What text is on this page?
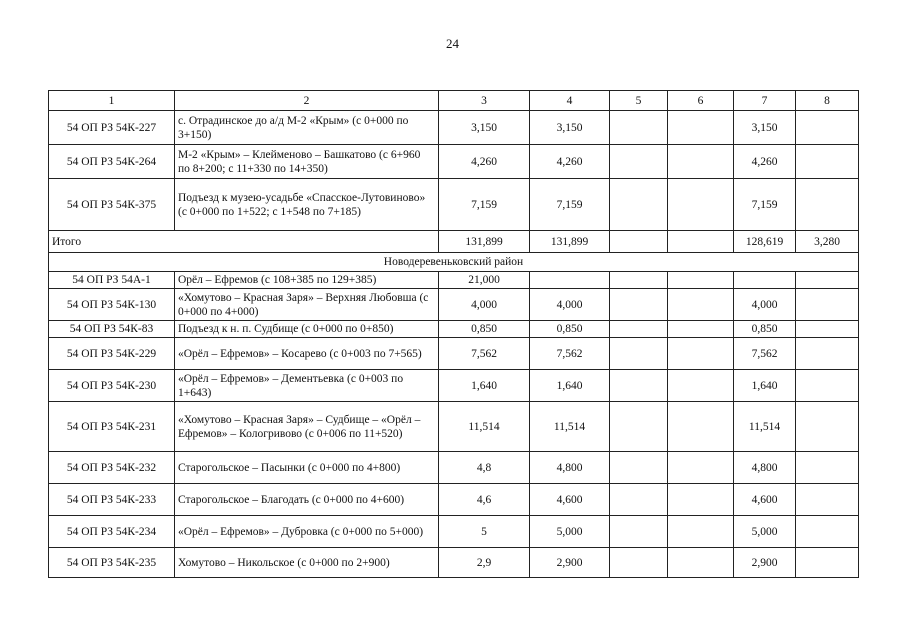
24
1	2	3	4	5	6	7	8
54 ОП РЗ 54К-227	с. Отрадинское до а/д М-2 «Крым» (с 0+000 по 3+150)	3,150	3,150			3,150	
54 ОП РЗ 54К-264	М-2 «Крым» – Клейменово – Башкатово (с 6+960 по 8+200; с 11+330 по 14+350)	4,260	4,260			4,260	
54 ОП РЗ 54К-375	Подъезд к музею-усадьбе «Спасское-Лутовиново» (с 0+000 по 1+522; с 1+548 по 7+185)	7,159	7,159			7,159	
Итого		131,899	131,899			128,619	3,280
Новодеревеньковский район							
54 ОП РЗ 54А-1	Орёл – Ефремов (с 108+385 по 129+385)	21,000					
54 ОП РЗ 54К-130	«Хомутово – Красная Заря» – Верхняя Любовша (с 0+000 по 4+000)	4,000	4,000			4,000	
54 ОП РЗ 54К-83	Подъезд к н. п. Судбище (с 0+000 по 0+850)	0,850	0,850			0,850	
54 ОП РЗ 54К-229	«Орёл – Ефремов» – Косарево (с 0+003 по 7+565)	7,562	7,562			7,562	
54 ОП РЗ 54К-230	«Орёл – Ефремов» – Дементьевка (с 0+003 по 1+643)	1,640	1,640			1,640	
54 ОП РЗ 54К-231	«Хомутово – Красная Заря» – Судбище – «Орёл – Ефремов» – Кологривово (с 0+006 по 11+520)	11,514	11,514			11,514	
54 ОП РЗ 54К-232	Старогольское – Пасынки (с 0+000 по 4+800)	4,8	4,800			4,800	
54 ОП РЗ 54К-233	Старогольское – Благодать (с 0+000 по 4+600)	4,6	4,600			4,600	
54 ОП РЗ 54К-234	«Орёл – Ефремов» – Дубровка (с 0+000 по 5+000)	5	5,000			5,000	
54 ОП РЗ 54К-235	Хомутово – Никольское (с 0+000 по 2+900)	2,9	2,900			2,900	
